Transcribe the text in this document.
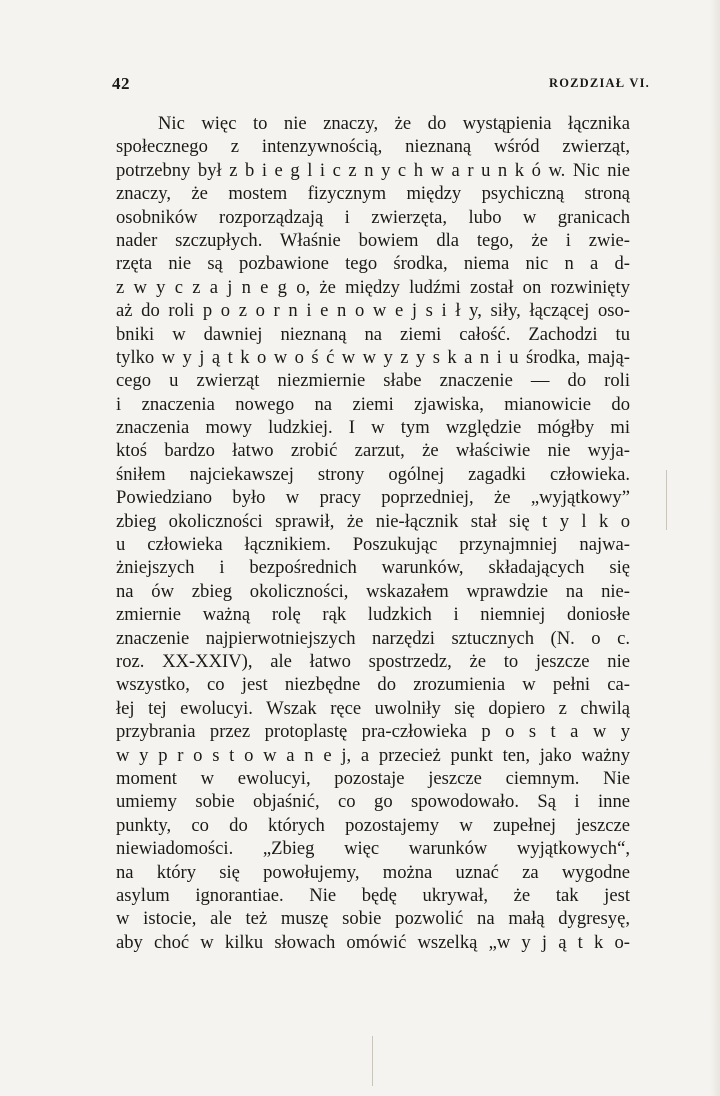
42	ROZDZIAŁ VI.
Nic więc to nie znaczy, że do wystąpienia łącznika
społecznego z intenzywnością, nieznaną wśród zwierząt,
potrzebny był z b i e g l i c z n y c h w a r u n k ó w. Nic nie
znaczy, że mostem fizycznym między psychiczną stroną
osobników rozporządzają i zwierzęta, lubo w granicach
nader szczupłych. Właśnie bowiem dla tego, że i zwie-
rzęta nie są pozbawione tego środka, niema nic n a d-
z w y c z a j n e g o, że między ludźmi został on rozwinięty
aż do roli p o z o r n i e n o w e j s i ł y, siły, łączącej oso-
bniki w dawniej nieznaną na ziemi całość. Zachodzi tu
tylko w y j ą t k o w o ś ć w w y z y s k a n i u środka, mają-
cego u zwierząt niezmiernie słabe znaczenie — do roli
i znaczenia nowego na ziemi zjawiska, mianowicie do
znaczenia mowy ludzkiej. I w tym względzie mógłby mi
ktoś bardzo łatwo zrobić zarzut, że właściwie nie wyja-
śniłem najciekawszej strony ogólnej zagadki człowieka.
Powiedziano było w pracy poprzedniej, że „wyjątkowy”
zbieg okoliczności sprawił, że nie-łącznik stał się t y l k o
u człowieka łącznikiem. Poszukując przynajmniej najwa-
żniejszych i bezpośrednich warunków, składających się
na ów zbieg okoliczności, wskazałem wprawdzie na nie-
zmiernie ważną rolę rąk ludzkich i niemniej doniosłe
znaczenie najpierwotniejszych narzędzi sztucznych (N. o c.
roz. XX-XXIV), ale łatwo spostrzedz, że to jeszcze nie
wszystko, co jest niezbędne do zrozumienia w pełni ca-
łej tej ewolucyi. Wszak ręce uwolniły się dopiero z chwilą
przybrania przez protoplastę pra-człowieka p o s t a w y
w y p r o s t o w a n e j, a przecież punkt ten, jako ważny
moment w ewolucyi, pozostaje jeszcze ciemnym. Nie
umiemy sobie objaśnić, co go spowodowało. Są i inne
punkty, co do których pozostajemy w zupełnej jeszcze
niewiadomości. „Zbieg więc warunków wyjątkowych“,
na który się powołujemy, można uznać za wygodne
asylum ignorantiae. Nie będę ukrywał, że tak jest
w istocie, ale też muszę sobie pozwolić na małą dygresyę,
aby choć w kilku słowach omówić wszelką „w y j ą t k o-
